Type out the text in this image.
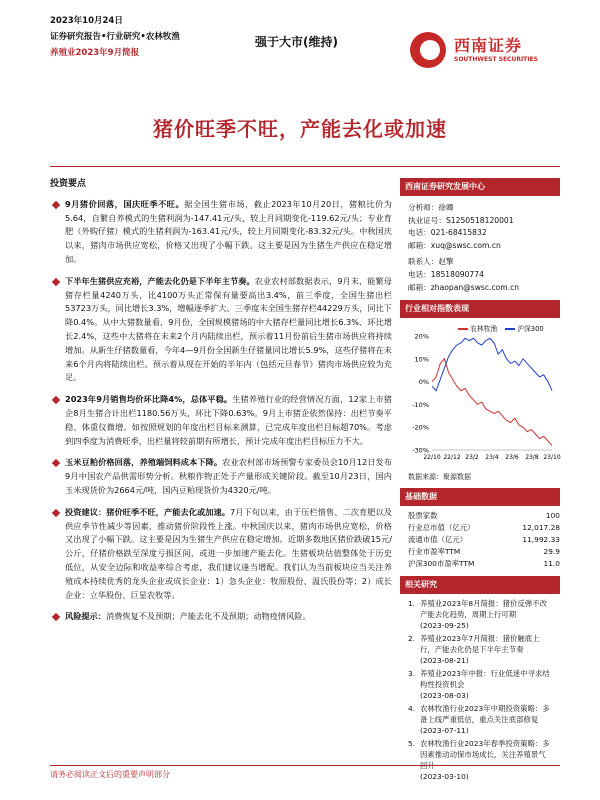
2023年10月24日
证券研究报告•行业研究•农林牧渔
养殖业2023年9月简报
强于大市(维持)	西南证券
SOUTHWEST SECURITIES
猪价旺季不旺，产能去化或加速
投资要点
9月猪价回落，国庆旺季不旺。据全国生猪市场，截止2023年10月20日，猪粮比价为5.64，自繁自养模式的生猪利润为-147.41元/头，较上月同期变化-119.62元/头；专业育肥（外购仔猪）模式的生猪利润为-163.41元/头，较上月同期变化-83.32元/头。中秋国庆以来，猪肉市场供应宽松，价格又出现了小幅下跌。这主要是因为生猪生产供应在稳定增加。
下半年生猪供应充裕，产能去化仍是下半年主节奏。农业农村部数据表示，9月末，能繁母猪存栏量4240万头，比4100万头正常保有量要高出3.4%，前三季度，全国生猪出栏53723万头，同比增长3.3%，增幅逐季扩大。三季度末全国生猪存栏44229万头，同比下降0.4%。从中大猪数量看，9月份，全国规模猪场的中大猪存栏量同比增长6.3%、环比增长2.4%，这些中大猪将在未来2个月内陆续出栏，预示着11月份前后生猪市场供应将持续增加。从新生仔猪数量看，今年4—9月份全国新生仔猪量同比增长5.9%，这些仔猪将在未来6个月内将陆续出栏。预示着从现在开始的半年内（包括元旦春节）猪肉市场供应较为充足。
2023年9月销售均价环比降4%，总体平稳。生猪养殖行业的经营情况方面，12家上市猪企8月生猪合计出栏1180.56万头，环比下降0.63%。9月上市猪企依然保持：出栏节奏平稳、体重仪微增。如按照规划的年度出栏目标来测算，已完成年度出栏目标超70%。考虑到四季度为消费旺季，出栏量将较前期有所增长，预计完成年度出栏目标压力不大。
玉米豆粕价格回落，养殖端饲料成本下降。农业农村部市场预警专家委员会10月12日发布9月中国农产品供需形势分析。秋粮作物正处于产量形成关键阶段。截至10月23日，国内玉米现货价为2664元/吨，国内豆粕现货价为4320元/吨。
投资建议：猪价旺季不旺，产能去化或加速。7月下旬以来，由于压栏惜售、二次育肥以及供应季节性减少等因素，推动猪价阶段性上涨。中秋国庆以来，猪肉市场供应宽松，价格又出现了小幅下跌。这主要是因为生猪生产供应在稳定增加。近期多数地区猪价跌破15元/公斤，仔猪价格跌至深度亏损区间，或进一步加速产能去化。生猪板块估值整体处于历史低位，从安全边际和收益率综合考虑，我们建议逢当增配。我们认为当前板块应当关注养殖成本持续优秀的龙头企业或成长企业：1）急头企业：牧原股份、温氏股份等；2）成长企业：立华股份、巨星农牧等。
风险提示：消费恢复不及预期；产能去化不及预期；动物疫情风险。
西南证券研究发展中心
分析师：徐卿
执业证号：S1250518120001
电话：021-68415832
邮箱：xuq@swsc.com.cn
联系人：赵擎
电话：18518090774
邮箱：zhaopan@swsc.com.cn
行业相对指数表现
农林牧渔	沪深300
20%
10%
0%
-10%
-20%
-30%
22/10 22/12 23/2 23/4 23/6 23/8 23/10
数据来源：聚源数据
基础数据
股票家数	100
行业总市值（亿元）	12,017.28
流通市值（亿元）	11,992.33
行业市盈率TTM	29.9
沪深300市盈率TTM	11.0
相关研究
1. 养殖业2023年8月简报：猪价反弹不改产能去化趋势，周期上行可期
(2023-09-25)
2. 养殖业2023年7月简报：猪价触底上行，产能去化仍是下半年主节奏
(2023-08-21)
3. 养殖业2023年中报：行业低迷中寻求结构性投资机会
(2023-08-03)
4. 农林牧渔行业2023年中期投资策略：多备上线严重低估，重点关注底部修复
(2023-07-11)
5. 农林牧渔行业2023年春季投资策略：多因素推动动保市场成长，关注养殖景气
(2023-03-10)
请务必阅读正文后的重要声明部分
